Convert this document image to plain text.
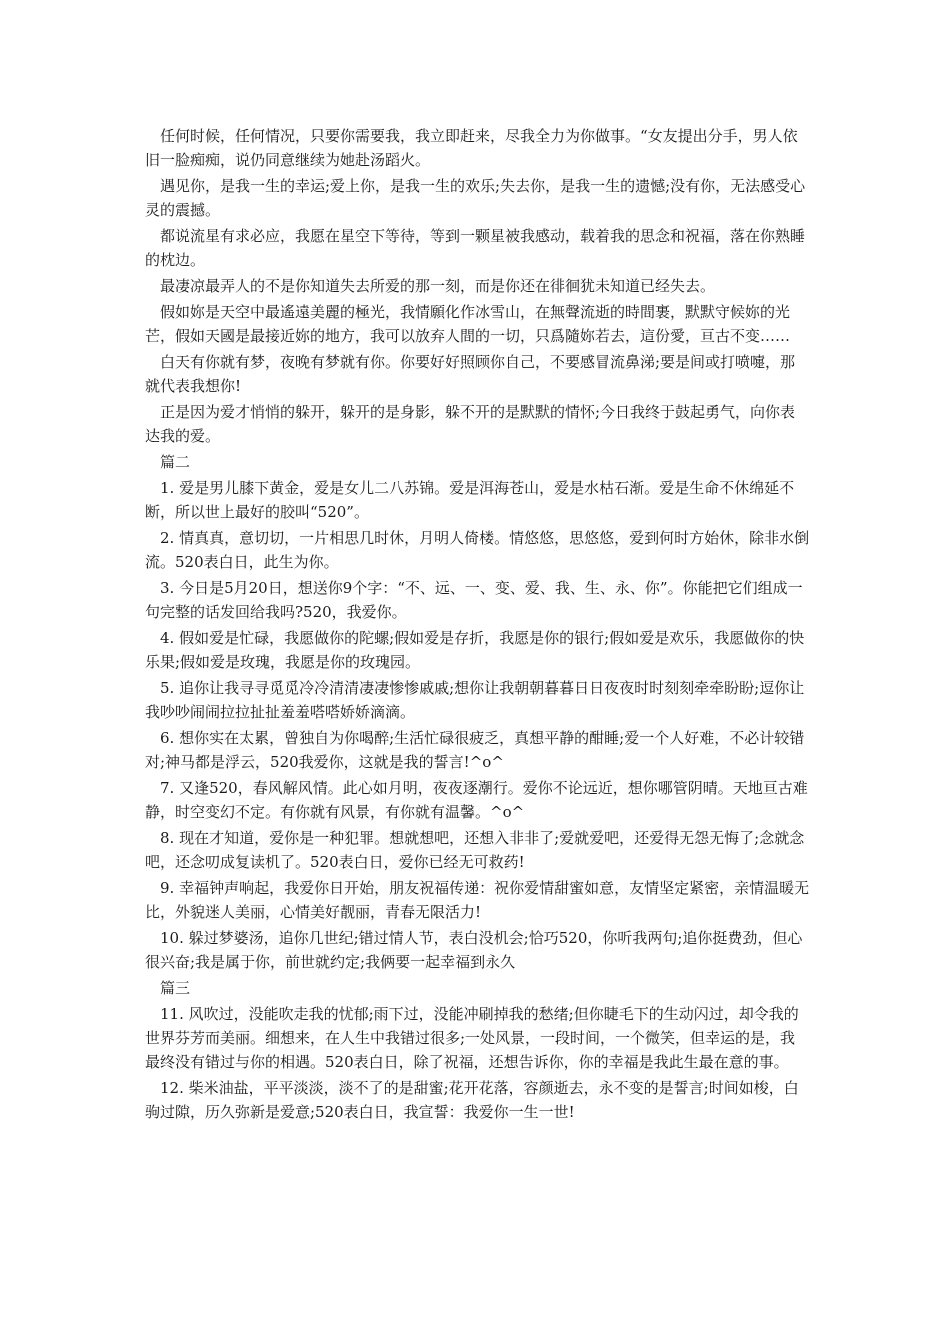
任何时候，任何情况，只要你需要我，我立即赶来，尽我全力为你做事。“女友提出分手，男人依旧一脸痴痴，说仍同意继续为她赴汤蹈火。

遇见你，是我一生的幸运;爱上你，是我一生的欢乐;失去你，是我一生的遗憾;没有你，无法感受心灵的震撼。

都说流星有求必应，我愿在星空下等待，等到一颗星被我感动，载着我的思念和祝福，落在你熟睡的枕边。

最凄凉最弄人的不是你知道失去所爱的那一刻，而是你还在徘徊犹未知道已经失去。

假如妳是天空中最遙遠美麗的極光，我情願化作冰雪山，在無聲流逝的時間裹，默默守候妳的光芒，假如天國是最接近妳的地方，我可以放弃人間的一切，只爲隨妳若去，這份愛，亘古不变……

白天有你就有梦，夜晚有梦就有你。你要好好照顾你自己，不要感冒流鼻涕;要是间或打喷嚏，那就代表我想你!

正是因为爱才悄悄的躲开，躲开的是身影，躲不开的是默默的情怀;今日我终于鼓起勇气，向你表达我的爱。

篇二

1. 爱是男儿膝下黄金，爱是女儿二八苏锦。爱是洱海苍山，爱是水枯石渐。爱是生命不休绵延不断，所以世上最好的胶叫“520”。

2. 情真真，意切切，一片相思几时休，月明人倚楼。情悠悠，思悠悠，爱到何时方始休，除非水倒流。520表白日，此生为你。

3. 今日是5月20日，想送你9个字：“不、远、一、变、爱、我、生、永、你”。你能把它们组成一句完整的话发回给我吗?520，我爱你。

4. 假如爱是忙碌，我愿做你的陀螺;假如爱是存折，我愿是你的银行;假如爱是欢乐，我愿做你的快乐果;假如爱是玫瑰，我愿是你的玫瑰园。

5. 追你让我寻寻觅觅冷冷清清凄凄惨惨戚戚;想你让我朝朝暮暮日日夜夜时时刻刻牵牵盼盼;逗你让我吵吵闹闹拉拉扯扯羞羞嗒嗒娇娇滴滴。

6. 想你实在太累，曾独自为你喝醉;生活忙碌很疲乏，真想平静的酣睡;爱一个人好难，不必计较错对;神马都是浮云，520我爱你，这就是我的誓言!^o^

7. 又逢520，春风解风情。此心如月明，夜夜逐潮行。爱你不论远近，想你哪管阴晴。天地亘古难静，时空变幻不定。有你就有风景，有你就有温馨。^o^

8. 现在才知道，爱你是一种犯罪。想就想吧，还想入非非了;爱就爱吧，还爱得无怨无悔了;念就念吧，还念叨成复读机了。520表白日，爱你已经无可救药!

9. 幸福钟声响起，我爱你日开始，朋友祝福传递：祝你爱情甜蜜如意，友情坚定紧密，亲情温暖无比，外貌迷人美丽，心情美好靓丽，青春无限活力!

10. 躲过梦婆汤，追你几世纪;错过情人节，表白没机会;恰巧520，你听我两句;追你挺费劲，但心很兴奋;我是属于你，前世就约定;我俩要一起幸福到永久

篇三

11. 风吹过，没能吹走我的忧郁;雨下过，没能冲刷掉我的愁绪;但你睫毛下的生动闪过，却令我的世界芬芳而美丽。细想来，在人生中我错过很多;一处风景，一段时间，一个微笑，但幸运的是，我最终没有错过与你的相遇。520表白日，除了祝福，还想告诉你，你的幸福是我此生最在意的事。

12. 柴米油盐，平平淡淡，淡不了的是甜蜜;花开花落，容颜逝去，永不变的是誓言;时间如梭，白驹过隙，历久弥新是爱意;520表白日，我宣誓：我爱你一生一世!
